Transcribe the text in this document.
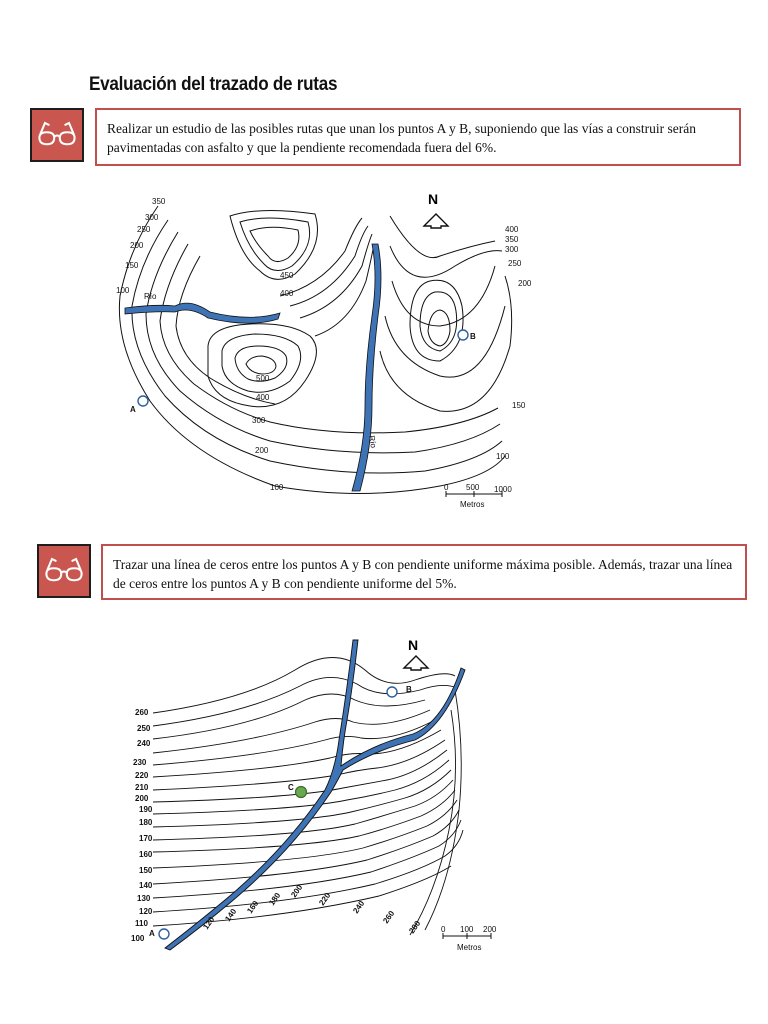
Evaluación del trazado de rutas
Realizar un estudio de las posibles rutas que unan los puntos A y B, suponiendo que las vías a construir serán pavimentadas con asfalto y que la pendiente recomendada fuera del 6%.
A
B
N
350
300
250
200
150
100
450
400
500
400
300
200
100
400
350
300
250
200
150
100
Río
Río
0 500 1000
Metros
Trazar una línea de ceros entre los puntos A y B con pendiente uniforme máxima posible. Además, trazar una línea de ceros entre los puntos A y B con pendiente uniforme del 5%.
A
B
C
N
260
250
240
230
220
210
200
190
180
170
160
150
140
130
120
110
100
120 140 160 180 200 220 240
260
280 0 100 200
Metros
